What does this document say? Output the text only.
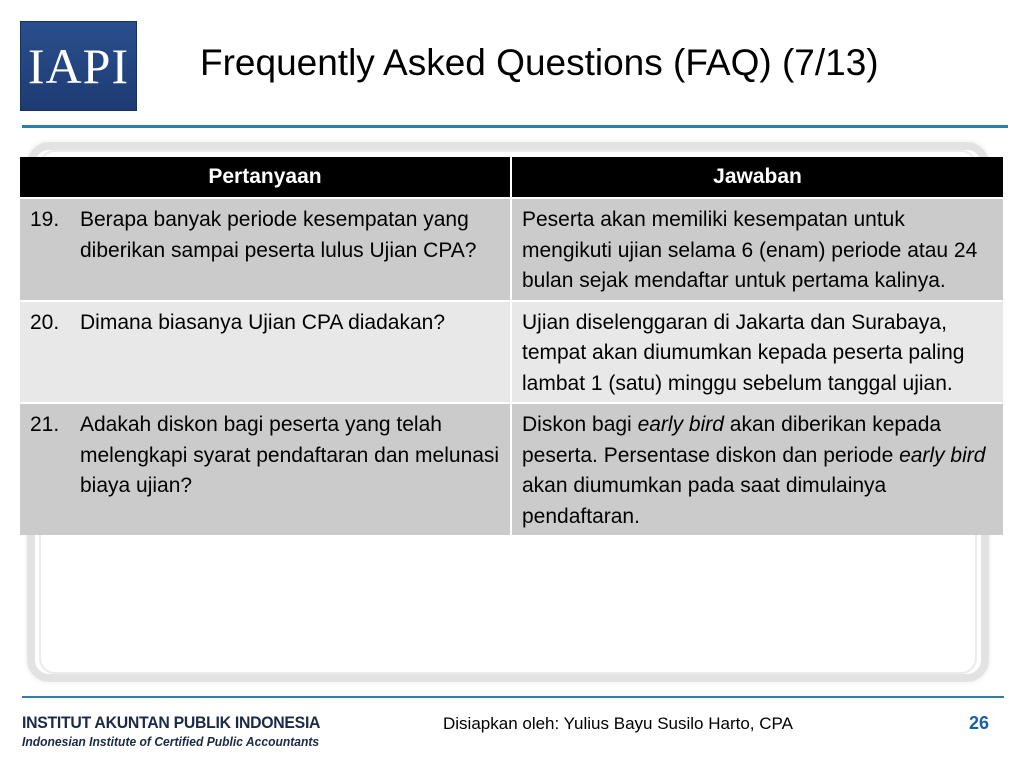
IAPI Frequently Asked Questions (FAQ) (7/13)
Pertanyaan	Jawaban

19. Berapa banyak periode kesempatan yang diberikan sampai peserta lulus Ujian CPA?	Peserta akan memiliki kesempatan untuk mengikuti ujian selama 6 (enam) periode atau 24 bulan sejak mendaftar untuk pertama kalinya.

20. Dimana biasanya Ujian CPA diadakan?	Ujian diselenggaran di Jakarta dan Surabaya, tempat akan diumumkan kepada peserta paling lambat 1 (satu) minggu sebelum tanggal ujian.

21. Adakah diskon bagi peserta yang telah melengkapi syarat pendaftaran dan melunasi biaya ujian?	Diskon bagi early bird akan diberikan kepada peserta. Persentase diskon dan periode early bird akan diumumkan pada saat dimulainya pendaftaran.
INSTITUT AKUNTAN PUBLIK INDONESIA
Indonesian Institute of Certified Public Accountants
Disiapkan oleh: Yulius Bayu Susilo Harto, CPA	26
